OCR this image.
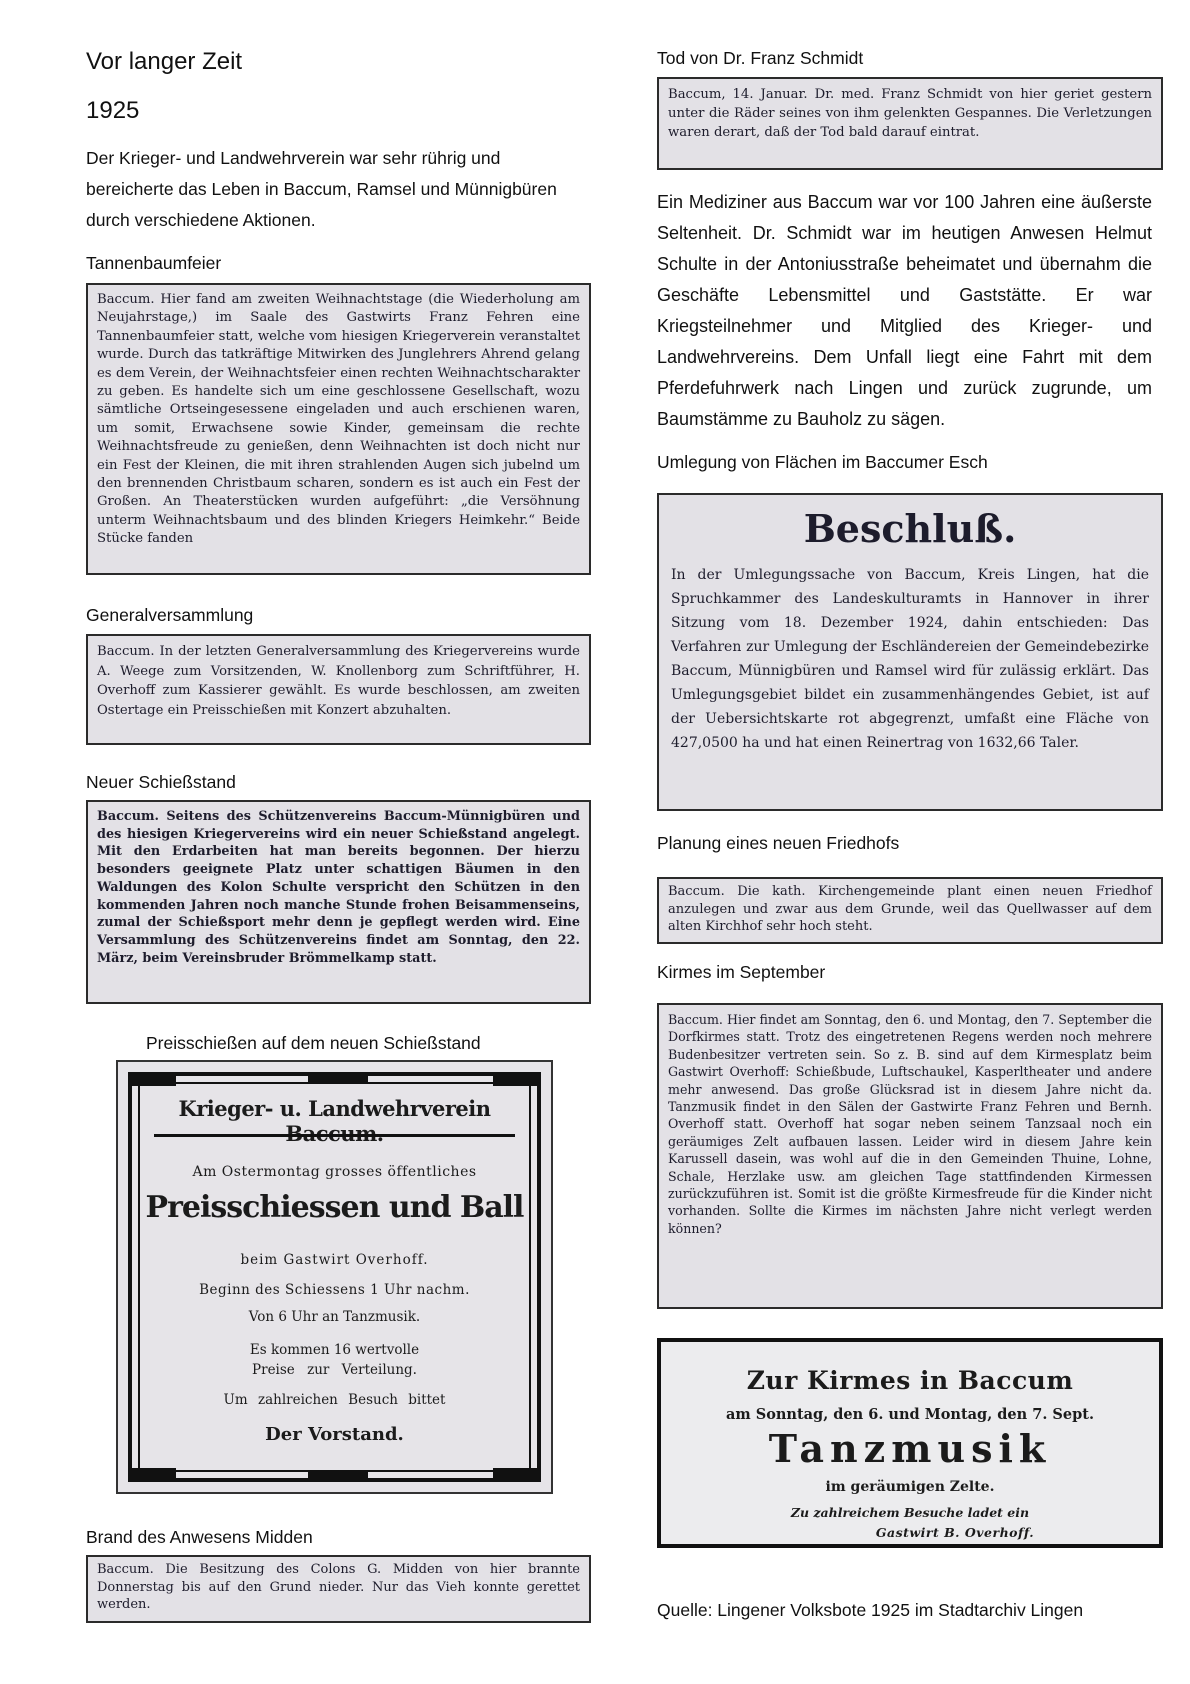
Vor langer Zeit
1925
Der Krieger- und Landwehrverein war sehr rührig und bereicherte das Leben in Baccum, Ramsel und Münnigbüren durch verschiedene Aktionen.
Tannenbaumfeier
Baccum. Hier fand am zweiten Weihnachtstage (die Wiederholung am Neujahrstage,) im Saale des Gastwirts Franz Fehren eine Tannenbaumfeier statt, welche vom hiesigen Kriegerverein veranstaltet wurde. Durch das tatkräftige Mitwirken des Junglehrers Ahrend gelang es dem Verein, der Weihnachtsfeier einen rechten Weihnachtscharakter zu geben. Es handelte sich um eine geschlossene Gesellschaft, wozu sämtliche Ortseingesessene eingeladen und auch erschienen waren, um somit, Erwachsene sowie Kinder, gemeinsam die rechte Weihnachtsfreude zu genießen, denn Weihnachten ist doch nicht nur ein Fest der Kleinen, die mit ihren strahlenden Augen sich jubelnd um den brennenden Christbaum scharen, sondern es ist auch ein Fest der Großen. An Theaterstücken wurden aufgeführt: „die Versöhnung unterm Weihnachtsbaum und des blinden Kriegers Heimkehr.“ Beide Stücke fanden
Generalversammlung
Baccum. In der letzten Generalversammlung des Kriegervereins wurde A. Weege zum Vorsitzenden, W. Knollenborg zum Schriftführer, H. Overhoff zum Kassierer gewählt. Es wurde beschlossen, am zweiten Ostertage ein Preisschießen mit Konzert abzuhalten.
Neuer Schießstand
Baccum. Seitens des Schützenvereins Baccum-Münnigbüren und des hiesigen Kriegervereins wird ein neuer Schießstand angelegt. Mit den Erdarbeiten hat man bereits begonnen. Der hierzu besonders geeignete Platz unter schattigen Bäumen in den Waldungen des Kolon Schulte verspricht den Schützen in den kommenden Jahren noch manche Stunde frohen Beisammenseins, zumal der Schießsport mehr denn je gepflegt werden wird. Eine Versammlung des Schützenvereins findet am Sonntag, den 22. März, beim Vereinsbruder Brömmelkamp statt.
Preisschießen auf dem neuen Schießstand
Krieger- u. Landwehrverein
Am Ostermontag grosses öffentliches
Preisschiessen und Ball
beim Gastwirt Overhoff.
Beginn des Schiessens 1 Uhr nachm.
Von 6 Uhr an Tanzmusik.
Es kommen 16 wertvolle
Preise zur Verteilung.
Um zahlreichen Besuch bittet
Der Vorstand.
Brand des Anwesens Midden
Baccum. Die Besitzung des Colons G. Midden von hier brannte Donnerstag bis auf den Grund nieder. Nur das Vieh konnte gerettet werden.
Tod von Dr. Franz Schmidt
Baccum, 14. Januar. Dr. med. Franz Schmidt von hier geriet gestern unter die Räder seines von ihm gelenkten Gespannes. Die Verletzungen waren derart, daß der Tod bald darauf eintrat.
Ein Mediziner aus Baccum war vor 100 Jahren eine äußerste Seltenheit. Dr. Schmidt war im heutigen Anwesen Helmut Schulte in der Antoniusstraße beheimatet und übernahm die Geschäfte Lebensmittel und Gaststätte. Er war Kriegsteilnehmer und Mitglied des Krieger- und Landwehrvereins. Dem Unfall liegt eine Fahrt mit dem Pferdefuhrwerk nach Lingen und zurück zugrunde, um Baumstämme zu Bauholz zu sägen.
Umlegung von Flächen im Baccumer Esch
Beschluß.
In der Umlegungssache von Baccum, Kreis Lingen, hat die Spruchkammer des Landeskulturamts in Hannover in ihrer Sitzung vom 18. Dezember 1924, dahin entschieden: Das Verfahren zur Umlegung der Eschländereien der Gemeindebezirke Baccum, Münnigbüren und Ramsel wird für zulässig erklärt. Das Umlegungsgebiet bildet ein zusammenhängendes Gebiet, ist auf der Uebersichtskarte rot abgegrenzt, umfaßt eine Fläche von 427,0500 ha und hat einen Reinertrag von 1632,66 Taler.
Planung eines neuen Friedhofs
Baccum. Die kath. Kirchengemeinde plant einen neuen Friedhof anzulegen und zwar aus dem Grunde, weil das Quellwasser auf dem alten Kirchhof sehr hoch steht.
Kirmes im September
Baccum. Hier findet am Sonntag, den 6. und Montag, den 7. September die Dorfkirmes statt. Trotz des eingetretenen Regens werden noch mehrere Budenbesitzer vertreten sein. So z. B. sind auf dem Kirmesplatz beim Gastwirt Overhoff: Schießbude, Luftschaukel, Kasperltheater und andere mehr anwesend. Das große Glücksrad ist in diesem Jahre nicht da. Tanzmusik findet in den Sälen der Gastwirte Franz Fehren und Bernh. Overhoff statt. Overhoff hat sogar neben seinem Tanzsaal noch ein geräumiges Zelt aufbauen lassen. Leider wird in diesem Jahre kein Karussell dasein, was wohl auf die in den Gemeinden Thuine, Lohne, Schale, Herzlake usw. am gleichen Tage stattfindenden Kirmessen zurückzuführen ist. Somit ist die größte Kirmesfreude für die Kinder nicht vorhanden. Sollte die Kirmes im nächsten Jahre nicht verlegt werden können?
Zur Kirmes in Baccum
am Sonntag, den 6. und Montag, den 7. Sept.
Tanzmusik
im geräumigen Zelte.
Zu zahlreichem Besuche ladet ein
Gastwirt B. Overhoff.
Quelle: Lingener Volksbote 1925 im Stadtarchiv Lingen
